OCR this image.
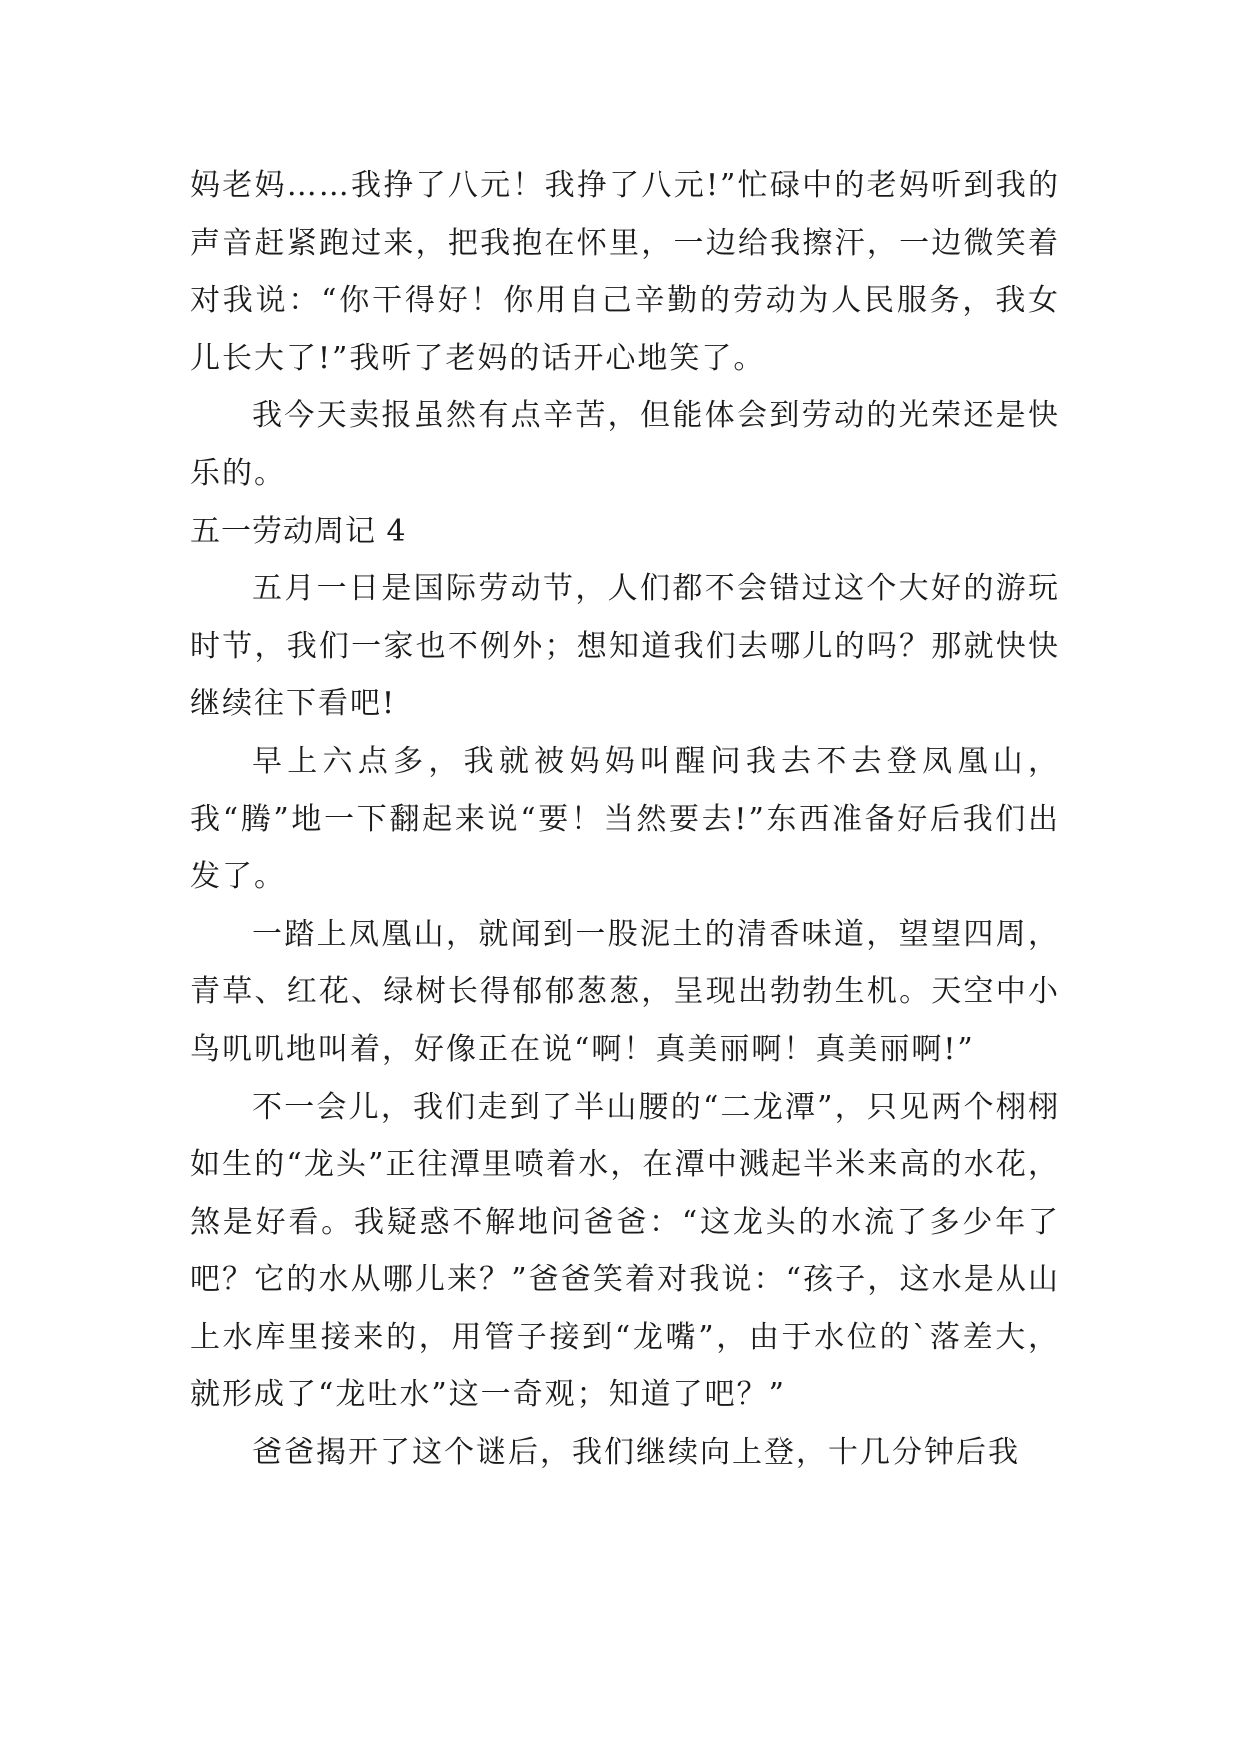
妈老妈……我挣了八元！我挣了八元!”忙碌中的老妈听到我的声音赶紧跑过来，把我抱在怀里，一边给我擦汗，一边微笑着对我说：“你干得好！你用自己辛勤的劳动为人民服务，我女儿长大了!”我听了老妈的话开心地笑了。

我今天卖报虽然有点辛苦，但能体会到劳动的光荣还是快乐的。

五一劳动周记 4

五月一日是国际劳动节，人们都不会错过这个大好的游玩时节，我们一家也不例外；想知道我们去哪儿的吗？那就快快继续往下看吧!

早上六点多，我就被妈妈叫醒问我去不去登凤凰山，我“腾”地一下翻起来说“要！当然要去!”东西准备好后我们出发了。

一踏上凤凰山，就闻到一股泥土的清香味道，望望四周，青草、红花、绿树长得郁郁葱葱，呈现出勃勃生机。天空中小鸟叽叽地叫着，好像正在说“啊！真美丽啊！真美丽啊!”

不一会儿，我们走到了半山腰的“二龙潭”，只见两个栩栩如生的“龙头”正往潭里喷着水，在潭中溅起半米来高的水花，煞是好看。我疑惑不解地问爸爸：“这龙头的水流了多少年了吧？它的水从哪儿来？”爸爸笑着对我说：“孩子，这水是从山上水库里接来的，用管子接到“龙嘴”，由于水位的`落差大，就形成了“龙吐水”这一奇观；知道了吧？”

爸爸揭开了这个谜后，我们继续向上登，十几分钟后我
